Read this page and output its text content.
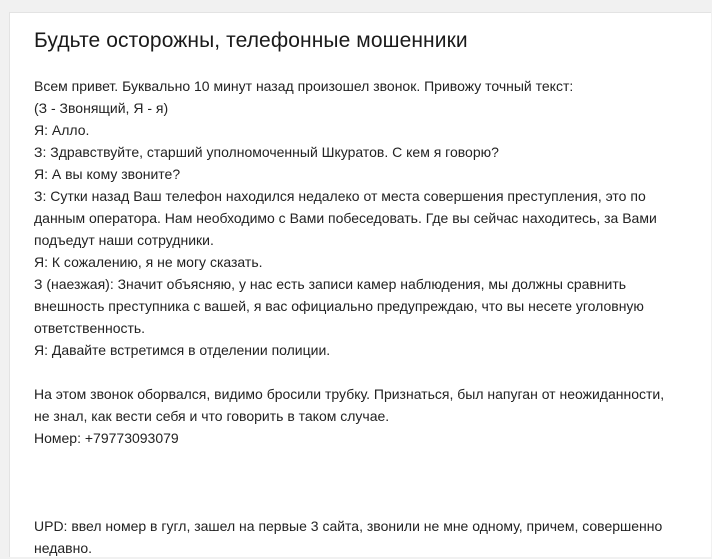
Будьте осторожны, телефонные мошенники
Всем привет. Буквально 10 минут назад произошел звонок. Привожу точный текст:
(З - Звонящий, Я - я)
Я: Алло.
З: Здравствуйте, старший уполномоченный Шкуратов. С кем я говорю?
Я: А вы кому звоните?
З: Сутки назад Ваш телефон находился недалеко от места совершения преступления, это по
данным оператора. Нам необходимо с Вами побеседовать. Где вы сейчас находитесь, за Вами
подъедут наши сотрудники.
Я: К сожалению, я не могу сказать.
З (наезжая): Значит объясняю, у нас есть записи камер наблюдения, мы должны сравнить
внешность преступника с вашей, я вас официально предупреждаю, что вы несете уголовную
ответственность.
Я: Давайте встретимся в отделении полиции.
На этом звонок оборвался, видимо бросили трубку. Признаться, был напуган от неожиданности,
не знал, как вести себя и что говорить в таком случае.
Номер: +79773093079
UPD: ввел номер в гугл, зашел на первые 3 сайта, звонили не мне одному, причем, совершенно
недавно.
